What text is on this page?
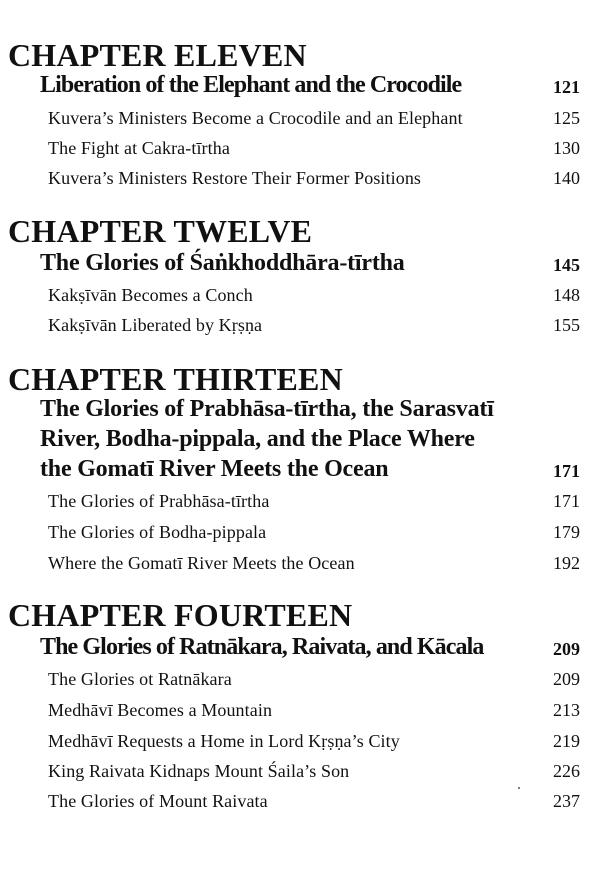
CHAPTER ELEVEN
Liberation of the Elephant and the Crocodile	121
Kuvera’s Ministers Become a Crocodile and an Elephant	125
The Fight at Cakra-tīrtha	130
Kuvera’s Ministers Restore Their Former Positions	140
CHAPTER TWELVE
The Glories of Śaṅkhoddhāra-tīrtha	145
Kakṣīvān Becomes a Conch	148
Kakṣīvān Liberated by Kṛṣṇa	155
CHAPTER THIRTEEN
The Glories of Prabhāsa-tīrtha, the Sarasvatī
River, Bodha-pippala, and the Place Where
the Gomatī River Meets the Ocean	171
The Glories of Prabhāsa-tīrtha	171
The Glories of Bodha-pippala	179
Where the Gomatī River Meets the Ocean	192
CHAPTER FOURTEEN
The Glories of Ratnākara, Raivata, and Kācala	209
The Glories ot Ratnākara	209
Medhāvī Becomes a Mountain	213
Medhāvī Requests a Home in Lord Kṛṣṇa’s City	219
King Raivata Kidnaps Mount Śaila’s Son	226
The Glories of Mount Raivata	237
